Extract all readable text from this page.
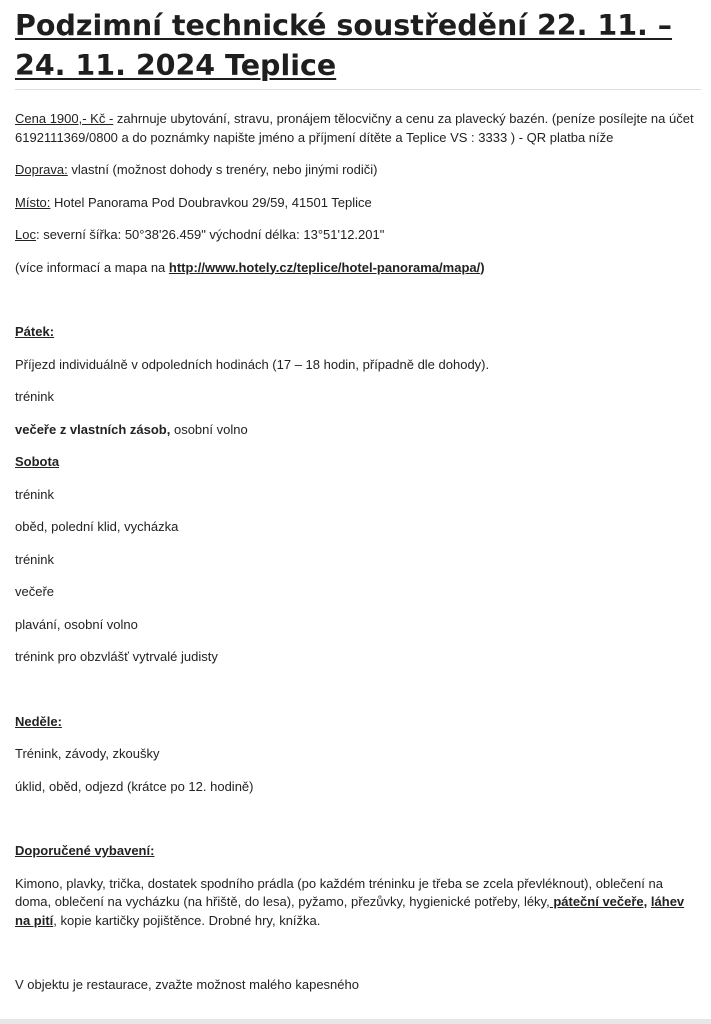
Podzimní technické soustředění 22. 11. – 24. 11. 2024 Teplice

Cena 1900,- Kč - zahrnuje ubytování, stravu, pronájem tělocvičny a cenu za plavecký bazén. (peníze posílejte na účet 6192111369/0800 a do poznámky napište jméno a příjmení dítěte a Teplice VS : 3333 ) - QR platba níže

Doprava: vlastní (možnost dohody s trenéry, nebo jinými rodiči)

Místo: Hotel Panorama Pod Doubravkou 29/59, 41501 Teplice

Loc: severní šířka: 50°38'26.459" východní délka: 13°51'12.201"

(více informací a mapa na http://www.hotely.cz/teplice/hotel-panorama/mapa/)

Pátek:

Příjezd individuálně v odpoledních hodinách (17 – 18 hodin, případně dle dohody).

trénink

večeře z vlastních zásob, osobní volno

Sobota

trénink

oběd, polední klid, vycházka

trénink

večeře

plavání, osobní volno

trénink pro obzvlášť vytrvalé judisty

Neděle:

Trénink, závody, zkoušky

úklid, oběd, odjezd (krátce po 12. hodině)

Doporučené vybavení:

Kimono, plavky, trička, dostatek spodního prádla (po každém tréninku je třeba se zcela převléknout), oblečení na doma, oblečení na vycházku (na hřiště, do lesa), pyžamo, přezůvky, hygienické potřeby, léky, páteční večeře, láhev na pití, kopie kartičky pojištěnce. Drobné hry, knížka.

V objektu je restaurace, zvažte možnost malého kapesného
